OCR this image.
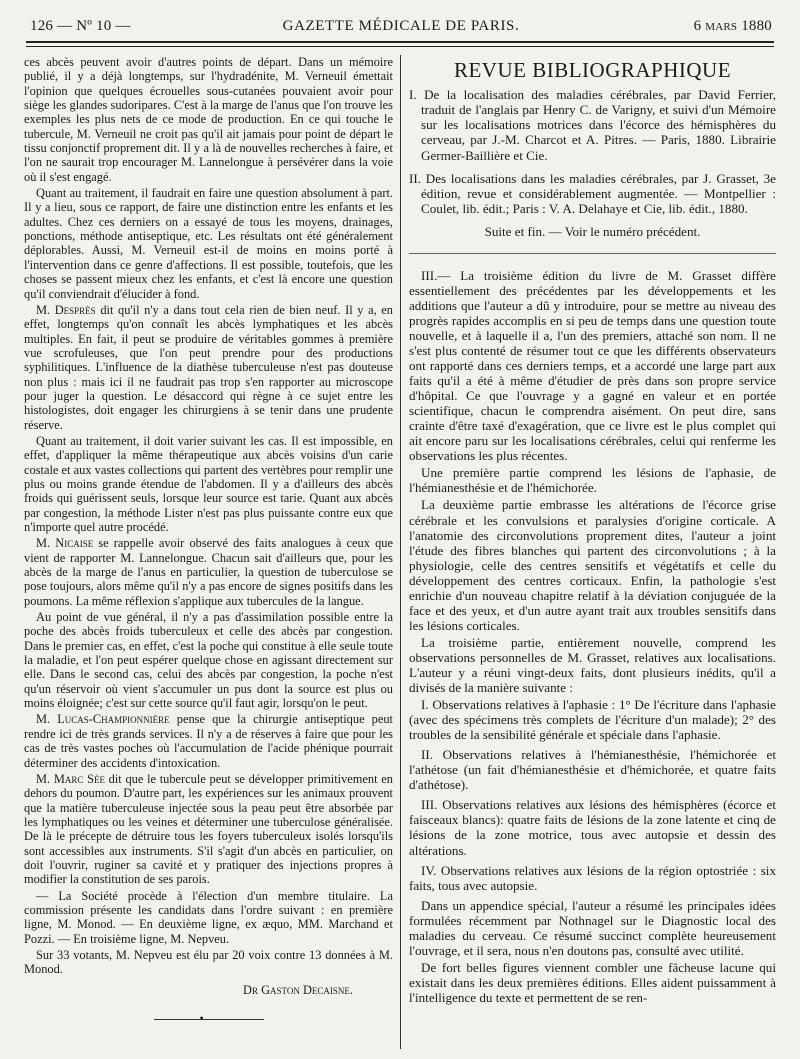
126 — Nº 10 —	GAZETTE MÉDICALE DE PARIS.	6 mars 1880

ces abcès peuvent avoir d'autres points de départ. Dans un mémoire publié, il y a déjà longtemps, sur l'hydradénite, M. Verneuil émettait l'opinion que quelques écrouelles sous-cutanées pouvaient avoir pour siège les glandes sudoripares. C'est à la marge de l'anus que l'on trouve les exemples les plus nets de ce mode de production. En ce qui touche le tubercule, M. Verneuil ne croit pas qu'il ait jamais pour point de départ le tissu conjonctif proprement dit. Il y a là de nouvelles recherches à faire, et l'on ne saurait trop encourager M. Lannelongue à persévérer dans la voie où il s'est engagé.

Quant au traitement, il faudrait en faire une question absolument à part. Il y a lieu, sous ce rapport, de faire une distinction entre les enfants et les adultes. Chez ces derniers on a essayé de tous les moyens, drainages, ponctions, méthode antiseptique, etc. Les résultats ont été généralement déplorables. Aussi, M. Verneuil est-il de moins en moins porté à l'intervention dans ce genre d'affections. Il est possible, toutefois, que les choses se passent mieux chez les enfants, et c'est là encore une question qu'il conviendrait d'élucider à fond.

M. Desprès dit qu'il n'y a dans tout cela rien de bien neuf. Il y a, en effet, longtemps qu'on connaît les abcès lymphatiques et les abcès multiples. En fait, il peut se produire de véritables gommes à première vue scrofuleuses, que l'on peut prendre pour des productions syphilitiques. L'influence de la diathèse tuberculeuse n'est pas douteuse non plus : mais ici il ne faudrait pas trop s'en rapporter au microscope pour juger la question. Le désaccord qui règne à ce sujet entre les histologistes, doit engager les chirurgiens à se tenir dans une prudente réserve.

Quant au traitement, il doit varier suivant les cas. Il est impossible, en effet, d'appliquer la même thérapeutique aux abcès voisins d'un carie costale et aux vastes collections qui partent des vertèbres pour remplir une plus ou moins grande étendue de l'abdomen. Il y a d'ailleurs des abcès froids qui guérissent seuls, lorsque leur source est tarie. Quant aux abcès par congestion, la méthode Lister n'est pas plus puissante contre eux que n'importe quel autre procédé.

M. Nicaise se rappelle avoir observé des faits analogues à ceux que vient de rapporter M. Lannelongue. Chacun sait d'ailleurs que, pour les abcès de la marge de l'anus en particulier, la question de tuberculose se pose toujours, alors même qu'il n'y a pas encore de signes positifs dans les poumons. La même réflexion s'applique aux tubercules de la langue.

Au point de vue général, il n'y a pas d'assimilation possible entre la poche des abcès froids tuberculeux et celle des abcès par congestion. Dans le premier cas, en effet, c'est la poche qui constitue à elle seule toute la maladie, et l'on peut espérer quelque chose en agissant directement sur elle. Dans le second cas, celui des abcès par congestion, la poche n'est qu'un réservoir où vient s'accumuler un pus dont la source est plus ou moins éloignée; c'est sur cette source qu'il faut agir, lorsqu'on le peut.

M. Lucas-Championnière pense que la chirurgie antiseptique peut rendre ici de très grands services. Il n'y a de réserves à faire que pour les cas de très vastes poches où l'accumulation de l'acide phénique pourrait déterminer des accidents d'intoxication.

M. Marc Sée dit que le tubercule peut se développer primitivement en dehors du poumon. D'autre part, les expériences sur les animaux prouvent que la matière tuberculeuse injectée sous la peau peut être absorbée par les lymphatiques ou les veines et déterminer une tuberculose généralisée. De là le précepte de détruire tous les foyers tuberculeux isolés lorsqu'ils sont accessibles aux instruments. S'il s'agit d'un abcès en particulier, on doit l'ouvrir, ruginer sa cavité et y pratiquer des injections propres à modifier la constitution de ses parois.

— La Société procède à l'élection d'un membre titulaire. La commission présente les candidats dans l'ordre suivant : en première ligne, M. Monod. — En deuxième ligne, ex æquo, MM. Marchand et Pozzi. — En troisième ligne, M. Nepveu.

Sur 33 votants, M. Nepveu est élu par 20 voix contre 13 données à M. Monod.

Dr Gaston Decaisne.

•
REVUE BIBLIOGRAPHIQUE

I. De la localisation des maladies cérébrales, par David Ferrier, traduit de l'anglais par Henry C. de Varigny, et suivi d'un Mémoire sur les localisations motrices dans l'écorce des hémisphères du cerveau, par J.-M. Charcot et A. Pitres. — Paris, 1880. Librairie Germer-Baillière et Cie.

II. Des localisations dans les maladies cérébrales, par J. Grasset, 3e édition, revue et considérablement augmentée. — Montpellier : Coulet, lib. édit.; Paris : V. A. Delahaye et Cie, lib. édit., 1880.

Suite et fin. — Voir le numéro précédent.

III.— La troisième édition du livre de M. Grasset diffère essentiellement des précédentes par les développements et les additions que l'auteur a dû y introduire, pour se mettre au niveau des progrès rapides accomplis en si peu de temps dans une question toute nouvelle, et à laquelle il a, l'un des premiers, attaché son nom. Il ne s'est plus contenté de résumer tout ce que les différents observateurs ont rapporté dans ces derniers temps, et a accordé une large part aux faits qu'il a été à même d'étudier de près dans son propre service d'hôpital. Ce que l'ouvrage y a gagné en valeur et en portée scientifique, chacun le comprendra aisément. On peut dire, sans crainte d'être taxé d'exagération, que ce livre est le plus complet qui ait encore paru sur les localisations cérébrales, celui qui renferme les observations les plus récentes.

Une première partie comprend les lésions de l'aphasie, de l'hémianesthésie et de l'hémichorée.

La deuxième partie embrasse les altérations de l'écorce grise cérébrale et les convulsions et paralysies d'origine corticale. A l'anatomie des circonvolutions proprement dites, l'auteur a joint l'étude des fibres blanches qui partent des circonvolutions ; à la physiologie, celle des centres sensitifs et végétatifs et celle du développement des centres corticaux. Enfin, la pathologie s'est enrichie d'un nouveau chapitre relatif à la déviation conjuguée de la face et des yeux, et d'un autre ayant trait aux troubles sensitifs dans les lésions corticales.

La troisième partie, entièrement nouvelle, comprend les observations personnelles de M. Grasset, relatives aux localisations. L'auteur y a réuni vingt-deux faits, dont plusieurs inédits, qu'il a divisés de la manière suivante :

I. Observations relatives à l'aphasie : 1° De l'écriture dans l'aphasie (avec des spécimens très complets de l'écriture d'un malade); 2° des troubles de la sensibilité générale et spéciale dans l'aphasie.

II. Observations relatives à l'hémianesthésie, l'hémichorée et l'athétose (un fait d'hémianesthésie et d'hémichorée, et quatre faits d'athétose).

III. Observations relatives aux lésions des hémisphères (écorce et faisceaux blancs): quatre faits de lésions de la zone latente et cinq de lésions de la zone motrice, tous avec autopsie et dessin des altérations.

IV. Observations relatives aux lésions de la région optostriée : six faits, tous avec autopsie.

Dans un appendice spécial, l'auteur a résumé les principales idées formulées récemment par Nothnagel sur le Diagnostic local des maladies du cerveau. Ce résumé succinct complète heureusement l'ouvrage, et il sera, nous n'en doutons pas, consulté avec utilité.

De fort belles figures viennent combler une fâcheuse lacune qui existait dans les deux premières éditions. Elles aident puissamment à l'intelligence du texte et permettent de se ren-
